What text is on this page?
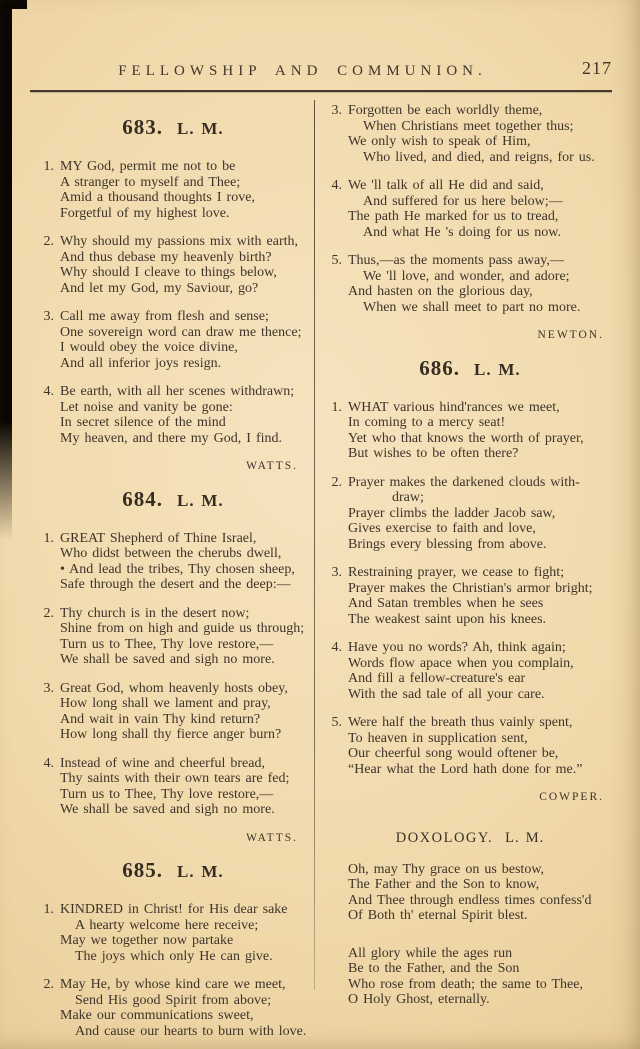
FELLOWSHIP AND COMMUNION.	217
683. L. M.
1. MY God, permit me not to be
A stranger to myself and Thee;
Amid a thousand thoughts I rove,
Forgetful of my highest love.
2. Why should my passions mix with earth,
And thus debase my heavenly birth?
Why should I cleave to things below,
And let my God, my Saviour, go?
3. Call me away from flesh and sense;
One sovereign word can draw me thence;
I would obey the voice divine,
And all inferior joys resign.
4. Be earth, with all her scenes withdrawn;
Let noise and vanity be gone:
In secret silence of the mind
My heaven, and there my God, I find.
WATTS.
684. L. M.
1. GREAT Shepherd of Thine Israel,
Who didst between the cherubs dwell,
• And lead the tribes, Thy chosen sheep,
Safe through the desert and the deep:—
2. Thy church is in the desert now;
Shine from on high and guide us through;
Turn us to Thee, Thy love restore,—
We shall be saved and sigh no more.
3. Great God, whom heavenly hosts obey,
How long shall we lament and pray,
And wait in vain Thy kind return?
How long shall thy fierce anger burn?
4. Instead of wine and cheerful bread,
Thy saints with their own tears are fed;
Turn us to Thee, Thy love restore,—
We shall be saved and sigh no more.
WATTS.
685. L. M.
1. KINDRED in Christ! for His dear sake
A hearty welcome here receive;
May we together now partake
The joys which only He can give.
2. May He, by whose kind care we meet,
Send His good Spirit from above;
Make our communications sweet,
And cause our hearts to burn with love.
3. Forgotten be each worldly theme,
When Christians meet together thus;
We only wish to speak of Him,
Who lived, and died, and reigns, for us.
4. We 'll talk of all He did and said,
And suffered for us here below;—
The path He marked for us to tread,
And what He 's doing for us now.
5. Thus,—as the moments pass away,—
We 'll love, and wonder, and adore;
And hasten on the glorious day,
When we shall meet to part no more.
NEWTON.
686. L. M.
1. WHAT various hind'rances we meet,
In coming to a mercy seat!
Yet who that knows the worth of prayer,
But wishes to be often there?
2. Prayer makes the darkened clouds with-
draw;
Prayer climbs the ladder Jacob saw,
Gives exercise to faith and love,
Brings every blessing from above.
3. Restraining prayer, we cease to fight;
Prayer makes the Christian's armor bright;
And Satan trembles when he sees
The weakest saint upon his knees.
4. Have you no words? Ah, think again;
Words flow apace when you complain,
And fill a fellow-creature's ear
With the sad tale of all your care.
5. Were half the breath thus vainly spent,
To heaven in supplication sent,
Our cheerful song would oftener be,
“Hear what the Lord hath done for me.”
COWPER.
DOXOLOGY. L. M.
Oh, may Thy grace on us bestow,
The Father and the Son to know,
And Thee through endless times confess'd
Of Both th' eternal Spirit blest.
All glory while the ages run
Be to the Father, and the Son
Who rose from death; the same to Thee,
O Holy Ghost, eternally.
